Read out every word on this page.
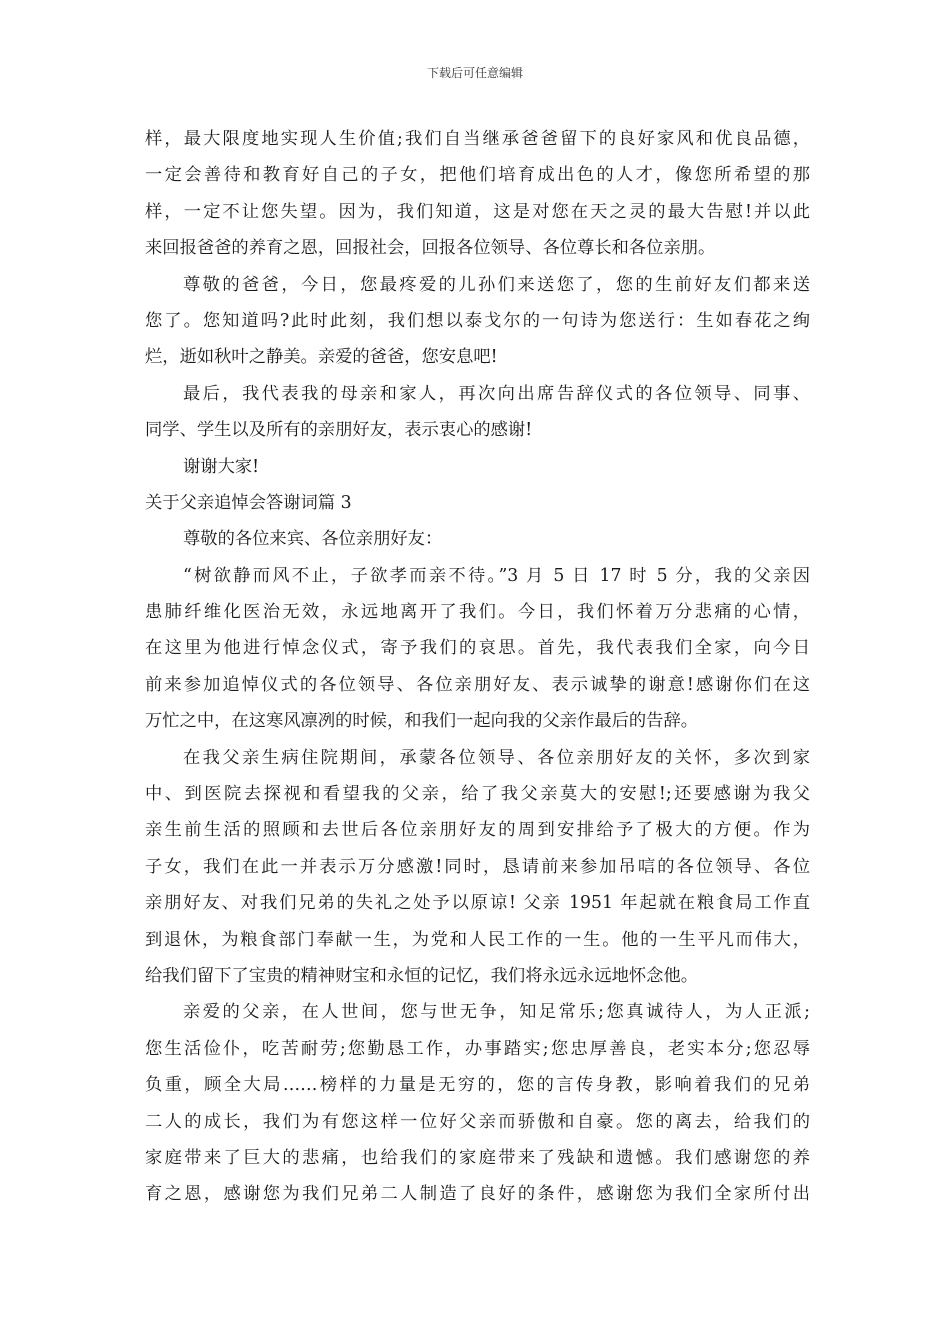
下载后可任意编辑
样，最大限度地实现人生价值;我们自当继承爸爸留下的良好家风和优良品德，
一定会善待和教育好自己的子女，把他们培育成出色的人才，像您所希望的那
样，一定不让您失望。因为，我们知道，这是对您在天之灵的最大告慰!并以此
来回报爸爸的养育之恩，回报社会，回报各位领导、各位尊长和各位亲朋。
尊敬的爸爸，今日，您最疼爱的儿孙们来送您了，您的生前好友们都来送
您了。您知道吗?此时此刻，我们想以泰戈尔的一句诗为您送行：生如春花之绚
烂，逝如秋叶之静美。亲爱的爸爸，您安息吧!
最后，我代表我的母亲和家人，再次向出席告辞仪式的各位领导、同事、
同学、学生以及所有的亲朋好友，表示衷心的感谢!
谢谢大家!
关于父亲追悼会答谢词篇 3
尊敬的各位来宾、各位亲朋好友：
“树欲静而风不止，子欲孝而亲不待。”3 月 5 日 17 时 5 分，我的父亲因
患肺纤维化医治无效，永远地离开了我们。今日，我们怀着万分悲痛的心情，
在这里为他进行悼念仪式，寄予我们的哀思。首先，我代表我们全家，向今日
前来参加追悼仪式的各位领导、各位亲朋好友、表示诚挚的谢意!感谢你们在这
万忙之中，在这寒风凛冽的时候，和我们一起向我的父亲作最后的告辞。
在我父亲生病住院期间，承蒙各位领导、各位亲朋好友的关怀，多次到家
中、到医院去探视和看望我的父亲，给了我父亲莫大的安慰!;还要感谢为我父
亲生前生活的照顾和去世后各位亲朋好友的周到安排给予了极大的方便。作为
子女，我们在此一并表示万分感激!同时，恳请前来参加吊唁的各位领导、各位
亲朋好友、对我们兄弟的失礼之处予以原谅! 父亲 1951 年起就在粮食局工作直
到退休，为粮食部门奉献一生，为党和人民工作的一生。他的一生平凡而伟大，
给我们留下了宝贵的精神财宝和永恒的记忆，我们将永远永远地怀念他。
亲爱的父亲，在人世间，您与世无争，知足常乐;您真诚待人，为人正派;
您生活俭仆，吃苦耐劳;您勤恳工作，办事踏实;您忠厚善良，老实本分;您忍辱
负重，顾全大局……榜样的力量是无穷的，您的言传身教，影响着我们的兄弟
二人的成长，我们为有您这样一位好父亲而骄傲和自豪。您的离去，给我们的
家庭带来了巨大的悲痛，也给我们的家庭带来了残缺和遗憾。我们感谢您的养
育之恩，感谢您为我们兄弟二人制造了良好的条件，感谢您为我们全家所付出
